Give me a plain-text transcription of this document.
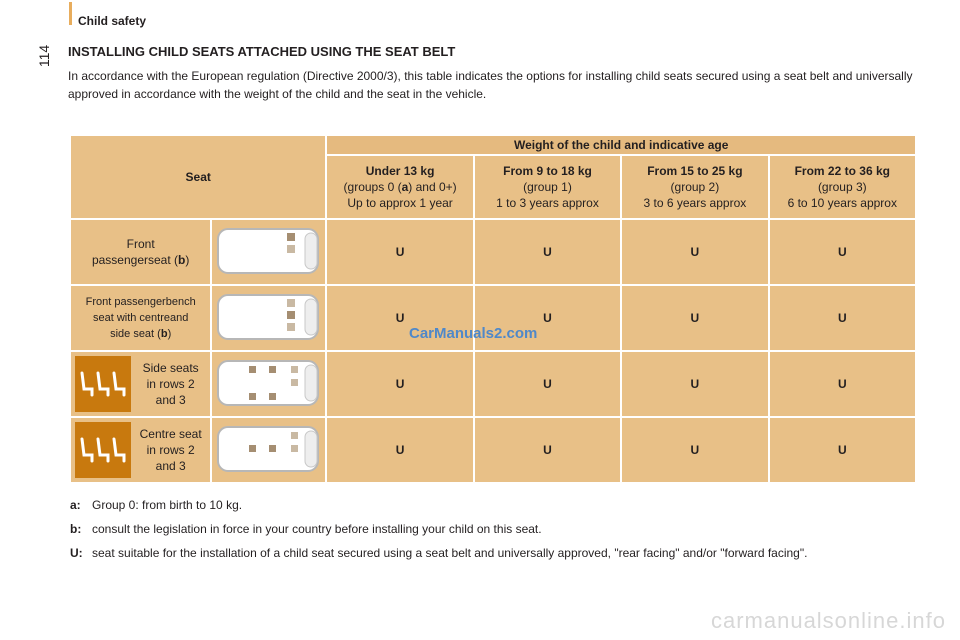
Child safety
114 INSTALLING CHILD SEATS ATTACHED USING THE SEAT BELT
In accordance with the European regulation (Directive 2000/3), this table indicates the options for installing child seats secured using a seat belt and universally approved in accordance with the weight of the child and the seat in the vehicle.
Seat		Weight of the child and indicative age			

		Under 13 kg
(groups 0 (a) and 0+)
Up to approx 1 year	From 9 to 18 kg
(group 1)
1 to 3 years approx	From 15 to 25 kg
(group 2)
3 to 6 years approx	From 22 to 36 kg
(group 3)
6 to 10 years approx

Front
passengerseat (b)		U	U	U	U

Front passengerbench
seat with centreand
side seat (b)		U	U	U	U

Side seats
in rows 2
and 3		U	U	U	U

Centre seat
in rows 2
and 3		U	U	U	U
CarManuals2.com
a: Group 0: from birth to 10 kg.
b: consult the legislation in force in your country before installing your child on this seat.
U: seat suitable for the installation of a child seat secured using a seat belt and universally approved, "rear facing" and/or "forward facing".
carmanualsonline.info
